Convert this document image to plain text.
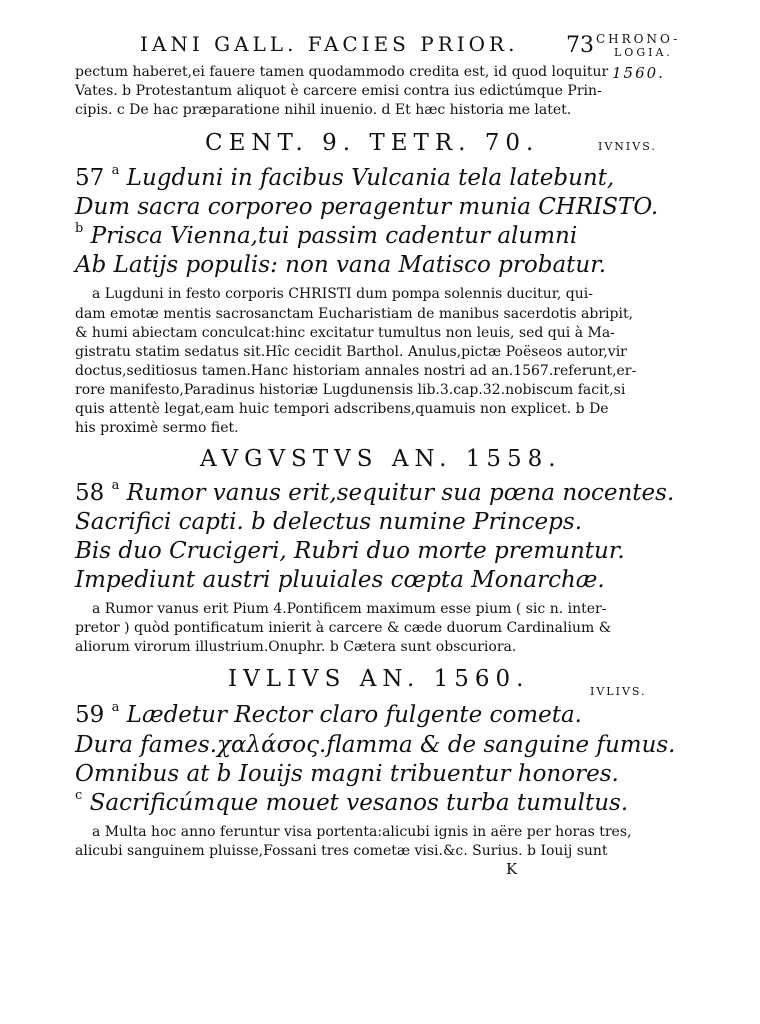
IANI GALL. FACIES PRIOR. 73 CHRONO-
LOGIA.
1560.
pectum haberet,ei fauere tamen quodammodo credita est, id quod loquitur
Vates. b Protestantum aliquot è carcere emisi contra ius edictúmque Prin-
cipis. c De hac præparatione nihil inuenio. d Et hæc historia me latet.
CENT. 9. TETR. 70.	IVNIVS.
57 $^a$ Lugduni in facibus Vulcania tela latebunt,
Dum sacra corporeo peragentur munia CHRISTO.
$^b$ Prisca Vienna,tui passim cadentur alumni
Ab Latijs populis: non vana Matisco probatur.
a Lugduni in festo corporis CHRISTI dum pompa solennis ducitur, qui-
dam emotæ mentis sacrosanctam Eucharistiam de manibus sacerdotis abripit,
& humi abiectam conculcat:hinc excitatur tumultus non leuis, sed qui à Ma-
gistratu statim sedatus sit.Hîc cecidit Barthol. Anulus,pictæ Poëseos autor,vir
doctus,seditiosus tamen.Hanc historiam annales nostri ad an.1567.referunt,er-
rore manifesto,Paradinus historiæ Lugdunensis lib.3.cap.32.nobiscum facit,si
quis attentè legat,eam huic tempori adscribens,quamuis non explicet. b De
his proximè sermo fiet.
AVGVSTVS AN. 1558.
58 $^a$ Rumor vanus erit,sequitur sua pœna nocentes.
Sacrifici capti. b delectus numine Princeps.
Bis duo Crucigeri, Rubri duo morte premuntur.
Impediunt austri pluuiales cœpta Monarchæ.
a Rumor vanus erit Pium 4.Pontificem maximum esse pium ( sic n. inter-
pretor ) quòd pontificatum inierit à carcere & cæde duorum Cardinalium &
aliorum virorum illustrium.Onuphr. b Cætera sunt obscuriora.
IVLIVS AN. 1560.	IVLIVS.
59 $^a$ Lædetur Rector claro fulgente cometa.
Dura fames.χαλάσος.flamma & de sanguine fumus.
Omnibus at b Iouijs magni tribuentur honores.
$^c$ Sacrificúmque mouet vesanos turba tumultus.
a Multa hoc anno feruntur visa portenta:alicubi ignis in aëre per horas tres,
alicubi sanguinem pluisse,Fossani tres cometæ visi.&c. Surius. b Iouij sunt
K
